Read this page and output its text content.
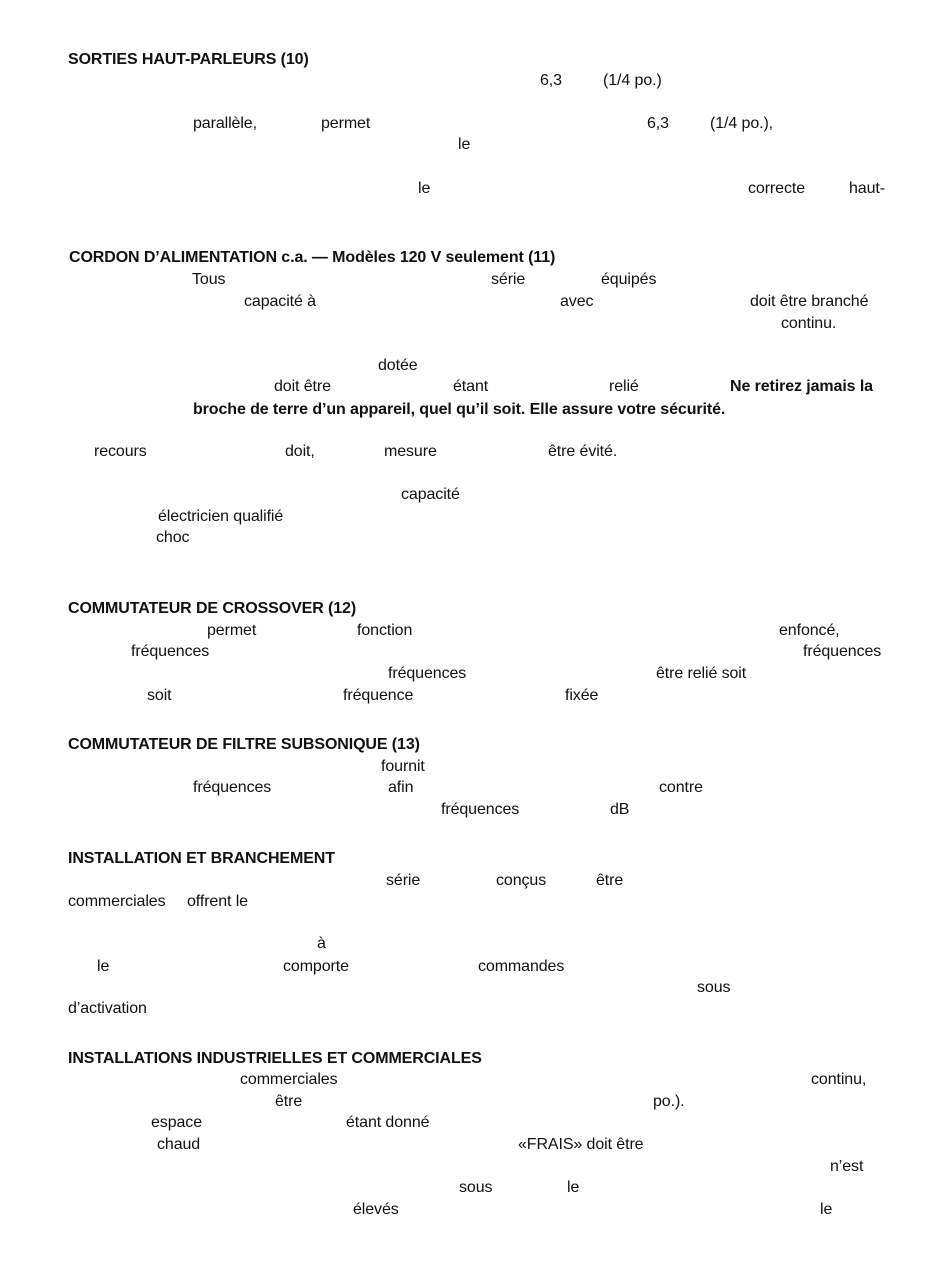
SORTIES HAUT-PARLEURS (10)
6,3	(1/4 po.)
parallèle,	permet	6,3	(1/4 po.),
le
le	correcte	haut-
CORDON D’ALIMENTATION c.a. — Modèles 120 V seulement (11)
Tous	série	équipés
capacité à	avec	doit être branché
continu.
dotée
doit être	étant	relié	Ne retirez jamais la
broche de terre d’un appareil, quel qu’il soit. Elle assure votre sécurité.
recours	doit,	mesure	être évité.
capacité
électricien qualifié
choc
COMMUTATEUR DE CROSSOVER (12)
permet	fonction	enfoncé,
fréquences	fréquences
fréquences	être relié soit
soit	fréquence	fixée
COMMUTATEUR DE FILTRE SUBSONIQUE (13)
fournit
fréquences	afin	contre
fréquences	dB
INSTALLATION ET BRANCHEMENT
série	conçus	être
commerciales offrent le
à
le	comporte	commandes
sous
d’activation
INSTALLATIONS INDUSTRIELLES ET COMMERCIALES
commerciales	continu,
être	po.).
espace	étant donné
chaud	«FRAIS» doit être
n’est
sous	le
élevés	le
